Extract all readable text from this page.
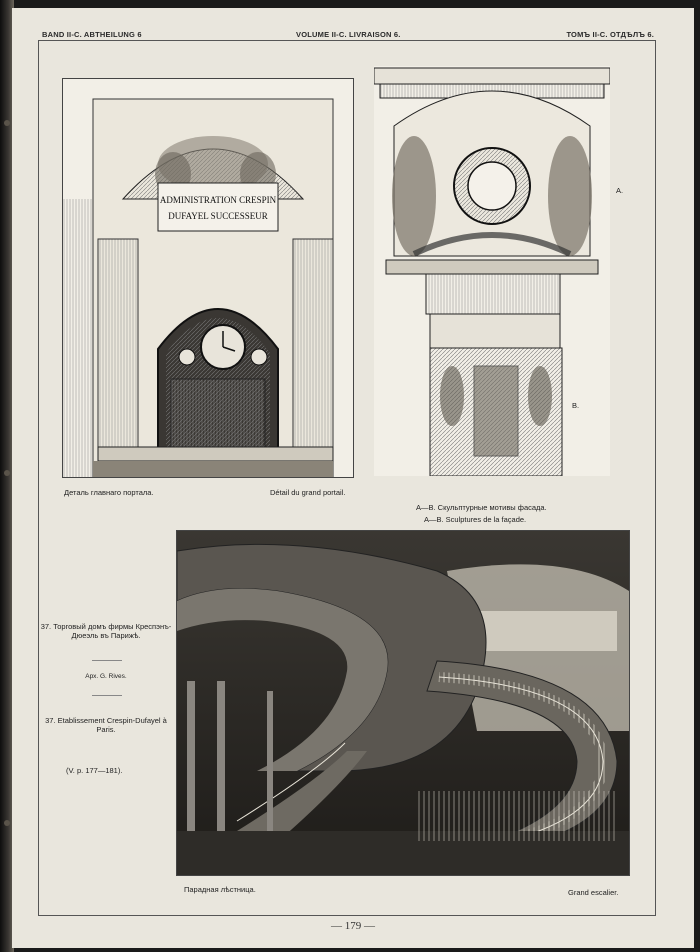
BAND II-C. ABTHEILUNG 6	VOLUME II-C. LIVRAISON 6.	ТОМЪ II-C. ОТДѢЛЪ 6.
ADMINISTRATION CRESPIN
DUFAYEL SUCCESSEUR
Деталь главнаго портала.	Détail du grand portail.
A.
B.
A—B. Скульптурные мотивы фасада.
A—B. Sculptures de la façade.
37. Торговый домъ фирмы Креспэнъ-Дюеэль въ Парижѣ.
Арх. G. Rives.
37. Etablissement Crespin-Dufayel à Paris.
(V. p. 177—181).
Парадная лѣстница.	Grand escalier.
— 179 —
